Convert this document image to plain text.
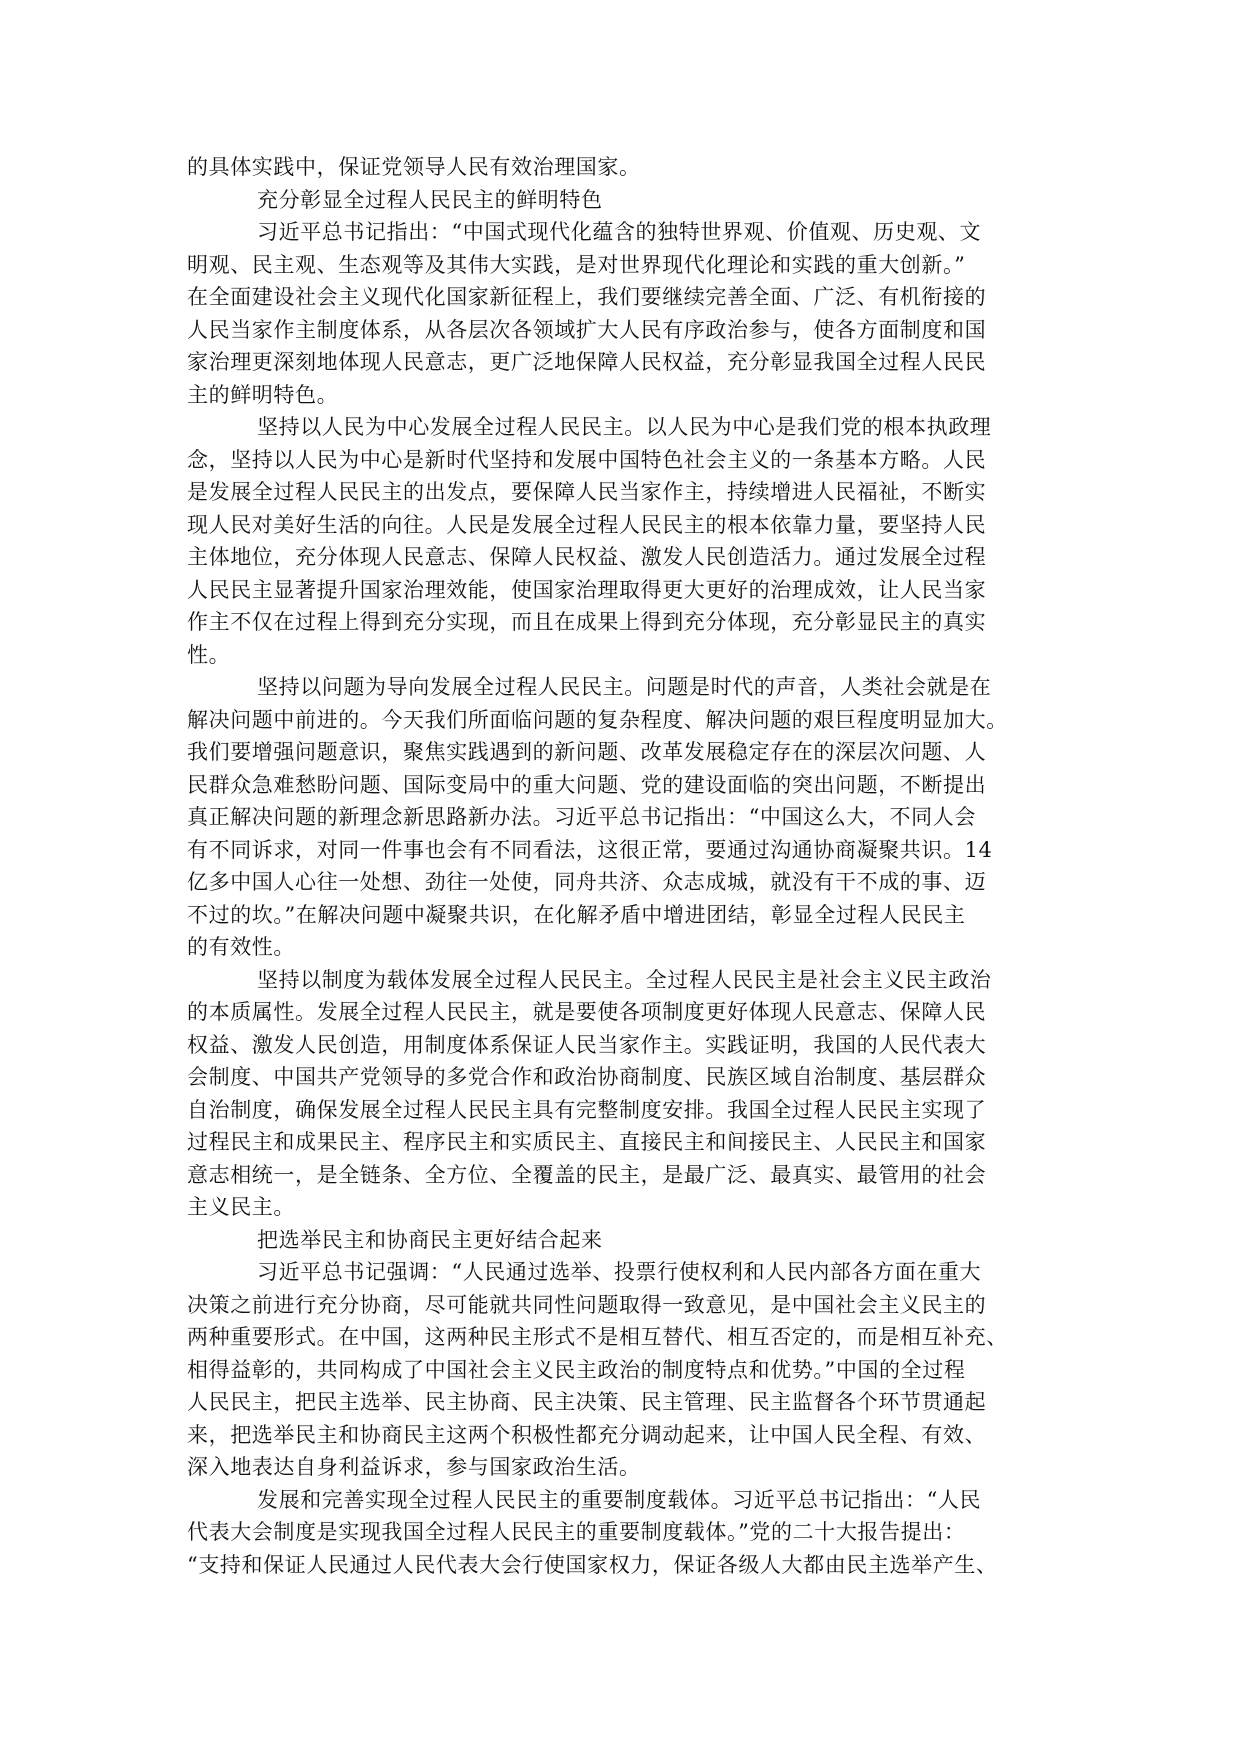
的具体实践中，保证党领导人民有效治理国家。

充分彰显全过程人民民主的鲜明特色

习近平总书记指出：“中国式现代化蕴含的独特世界观、价值观、历史观、文

明观、民主观、生态观等及其伟大实践，是对世界现代化理论和实践的重大创新。”

在全面建设社会主义现代化国家新征程上，我们要继续完善全面、广泛、有机衔接的

人民当家作主制度体系，从各层次各领域扩大人民有序政治参与，使各方面制度和国

家治理更深刻地体现人民意志，更广泛地保障人民权益，充分彰显我国全过程人民民

主的鲜明特色。

坚持以人民为中心发展全过程人民民主。以人民为中心是我们党的根本执政理

念，坚持以人民为中心是新时代坚持和发展中国特色社会主义的一条基本方略。人民

是发展全过程人民民主的出发点，要保障人民当家作主，持续增进人民福祉，不断实

现人民对美好生活的向往。人民是发展全过程人民民主的根本依靠力量，要坚持人民

主体地位，充分体现人民意志、保障人民权益、激发人民创造活力。通过发展全过程

人民民主显著提升国家治理效能，使国家治理取得更大更好的治理成效，让人民当家

作主不仅在过程上得到充分实现，而且在成果上得到充分体现，充分彰显民主的真实

性。

坚持以问题为导向发展全过程人民民主。问题是时代的声音，人类社会就是在

解决问题中前进的。今天我们所面临问题的复杂程度、解决问题的艰巨程度明显加大。

我们要增强问题意识，聚焦实践遇到的新问题、改革发展稳定存在的深层次问题、人

民群众急难愁盼问题、国际变局中的重大问题、党的建设面临的突出问题，不断提出

真正解决问题的新理念新思路新办法。习近平总书记指出：“中国这么大，不同人会

有不同诉求，对同一件事也会有不同看法，这很正常，要通过沟通协商凝聚共识。14

亿多中国人心往一处想、劲往一处使，同舟共济、众志成城，就没有干不成的事、迈

不过的坎。”在解决问题中凝聚共识，在化解矛盾中增进团结，彰显全过程人民民主

的有效性。

坚持以制度为载体发展全过程人民民主。全过程人民民主是社会主义民主政治

的本质属性。发展全过程人民民主，就是要使各项制度更好体现人民意志、保障人民

权益、激发人民创造，用制度体系保证人民当家作主。实践证明，我国的人民代表大

会制度、中国共产党领导的多党合作和政治协商制度、民族区域自治制度、基层群众

自治制度，确保发展全过程人民民主具有完整制度安排。我国全过程人民民主实现了

过程民主和成果民主、程序民主和实质民主、直接民主和间接民主、人民民主和国家

意志相统一，是全链条、全方位、全覆盖的民主，是最广泛、最真实、最管用的社会

主义民主。

把选举民主和协商民主更好结合起来

习近平总书记强调：“人民通过选举、投票行使权利和人民内部各方面在重大

决策之前进行充分协商，尽可能就共同性问题取得一致意见，是中国社会主义民主的

两种重要形式。在中国，这两种民主形式不是相互替代、相互否定的，而是相互补充、

相得益彰的，共同构成了中国社会主义民主政治的制度特点和优势。”中国的全过程

人民民主，把民主选举、民主协商、民主决策、民主管理、民主监督各个环节贯通起

来，把选举民主和协商民主这两个积极性都充分调动起来，让中国人民全程、有效、

深入地表达自身利益诉求，参与国家政治生活。

发展和完善实现全过程人民民主的重要制度载体。习近平总书记指出：“人民

代表大会制度是实现我国全过程人民民主的重要制度载体。”党的二十大报告提出：

“支持和保证人民通过人民代表大会行使国家权力，保证各级人大都由民主选举产生、
